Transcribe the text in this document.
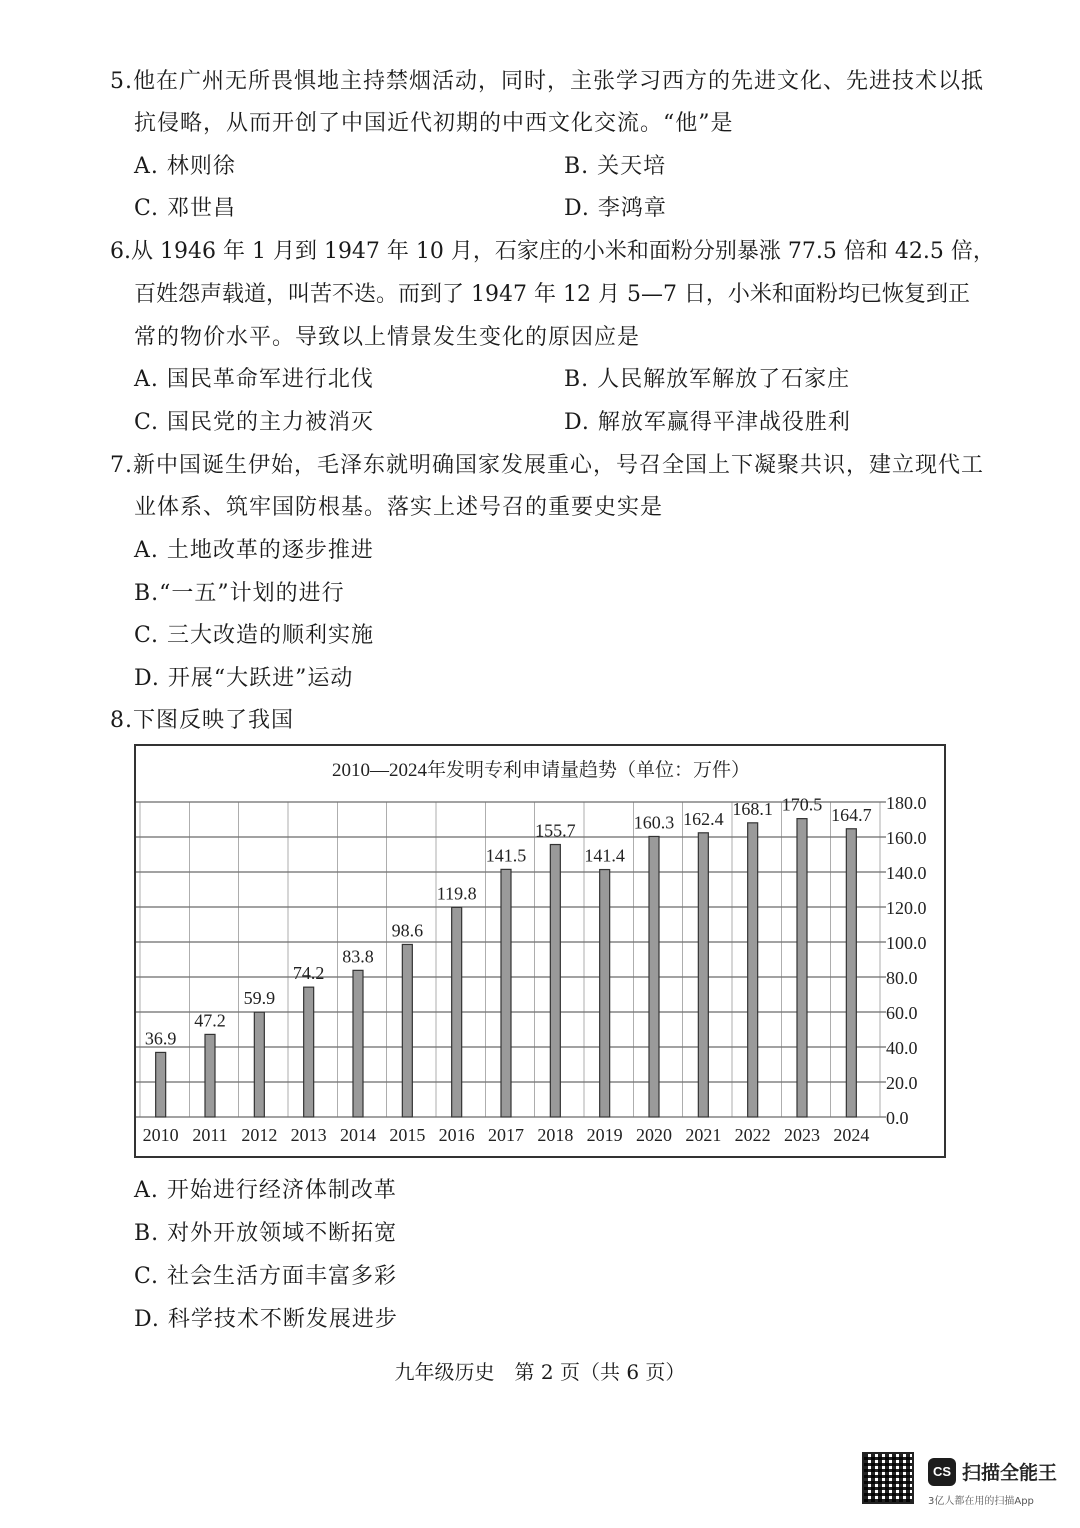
5.他在广州无所畏惧地主持禁烟活动，同时，主张学习西方的先进文化、先进技术以抵
抗侵略，从而开创了中国近代初期的中西文化交流。“他”是
A. 林则徐	B. 关天培
C. 邓世昌	D. 李鸿章
6.从 1946 年 1 月到 1947 年 10 月，石家庄的小米和面粉分别暴涨 77.5 倍和 42.5 倍，
百姓怨声载道，叫苦不迭。而到了 1947 年 12 月 5—7 日，小米和面粉均已恢复到正
常的物价水平。导致以上情景发生变化的原因应是
A. 国民革命军进行北伐	B. 人民解放军解放了石家庄
C. 国民党的主力被消灭	D. 解放军赢得平津战役胜利
7.新中国诞生伊始，毛泽东就明确国家发展重心，号召全国上下凝聚共识，建立现代工
业体系、筑牢国防根基。落实上述号召的重要史实是
A. 土地改革的逐步推进
B.“一五”计划的进行
C. 三大改造的顺利实施
D. 开展“大跃进”运动
8.下图反映了我国
2010—2024年发明专利申请量趋势（单位：万件）
36.9
2010
47.2
2011
59.9
2012
74.2
2013
83.8
2014
98.6
2015
119.8
2016
141.5
2017
155.7
2018
141.4
2019
160.3
2020
162.4
2021
168.1
2022
170.5
2023
164.7
2024
0.0
20.0
40.0
60.0
80.0
100.0
120.0
140.0
160.0
180.0
A. 开始进行经济体制改革
B. 对外开放领域不断拓宽
C. 社会生活方面丰富多彩
D. 科学技术不断发展进步
九年级历史　第 2 页（共 6 页）
CS 扫描全能王
3亿人都在用的扫描App
